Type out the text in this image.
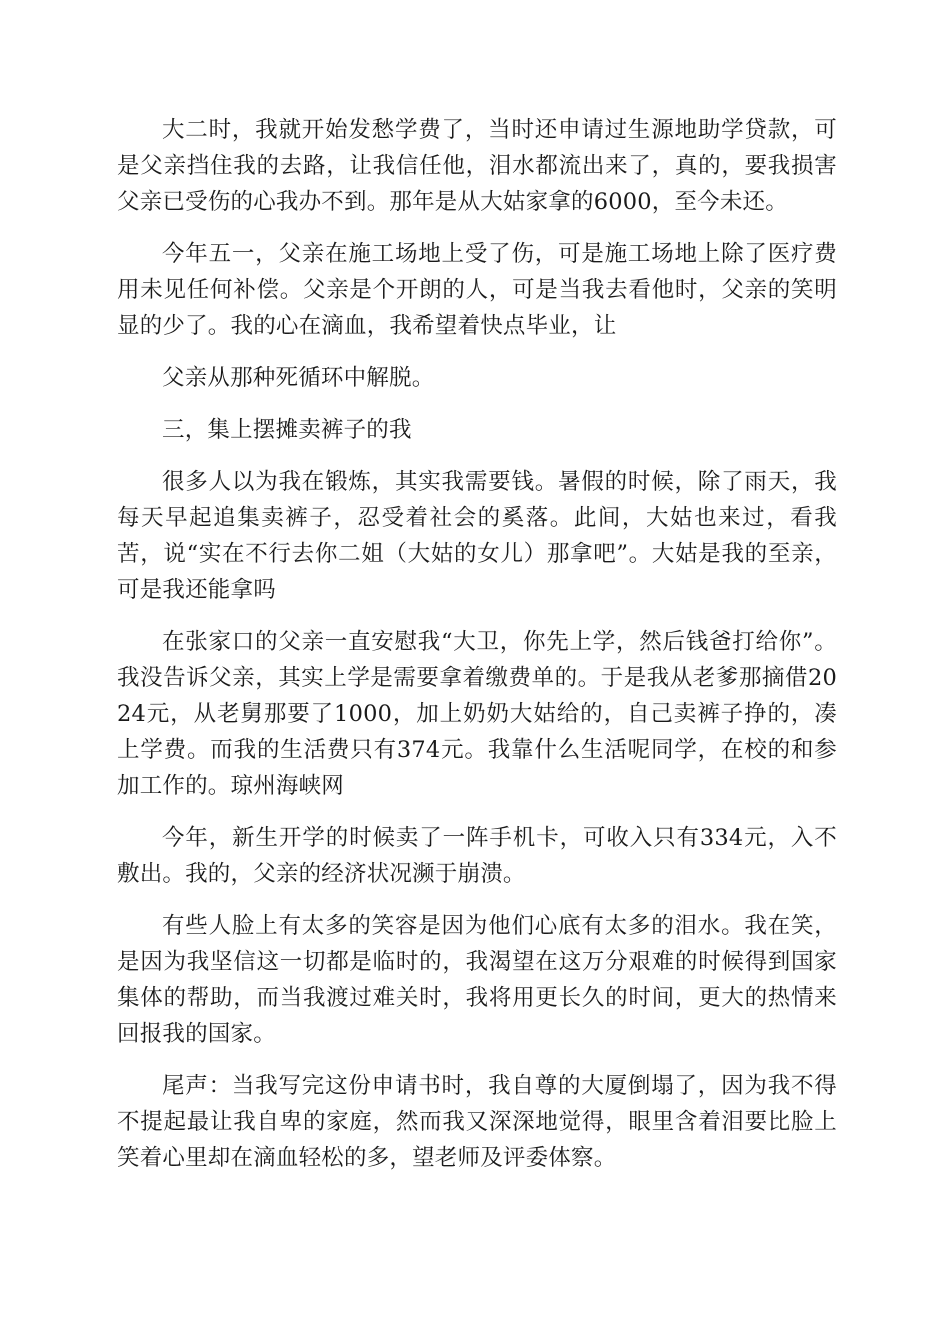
大二时，我就开始发愁学费了，当时还申请过生源地助学贷款，可是父亲挡住我的去路，让我信任他，泪水都流出来了，真的，要我损害父亲已受伤的心我办不到。那年是从大姑家拿的6000，至今未还。

今年五一，父亲在施工场地上受了伤，可是施工场地上除了医疗费用未见任何补偿。父亲是个开朗的人，可是当我去看他时，父亲的笑明显的少了。我的心在滴血，我希望着快点毕业，让

父亲从那种死循环中解脱。

三，集上摆摊卖裤子的我

很多人以为我在锻炼，其实我需要钱。暑假的时候，除了雨天，我每天早起追集卖裤子，忍受着社会的奚落。此间，大姑也来过，看我苦，说“实在不行去你二姐（大姑的女儿）那拿吧”。大姑是我的至亲，可是我还能拿吗

在张家口的父亲一直安慰我“大卫，你先上学，然后钱爸打给你”。我没告诉父亲，其实上学是需要拿着缴费单的。于是我从老爹那摘借2024元，从老舅那要了1000，加上奶奶大姑给的，自己卖裤子挣的，凑上学费。而我的生活费只有374元。我靠什么生活呢同学，在校的和参加工作的。琼州海峡网

今年，新生开学的时候卖了一阵手机卡，可收入只有334元，入不敷出。我的，父亲的经济状况濒于崩溃。

有些人脸上有太多的笑容是因为他们心底有太多的泪水。我在笑，是因为我坚信这一切都是临时的，我渴望在这万分艰难的时候得到国家集体的帮助，而当我渡过难关时，我将用更长久的时间，更大的热情来回报我的国家。

尾声：当我写完这份申请书时，我自尊的大厦倒塌了，因为我不得不提起最让我自卑的家庭，然而我又深深地觉得，眼里含着泪要比脸上笑着心里却在滴血轻松的多，望老师及评委体察。
